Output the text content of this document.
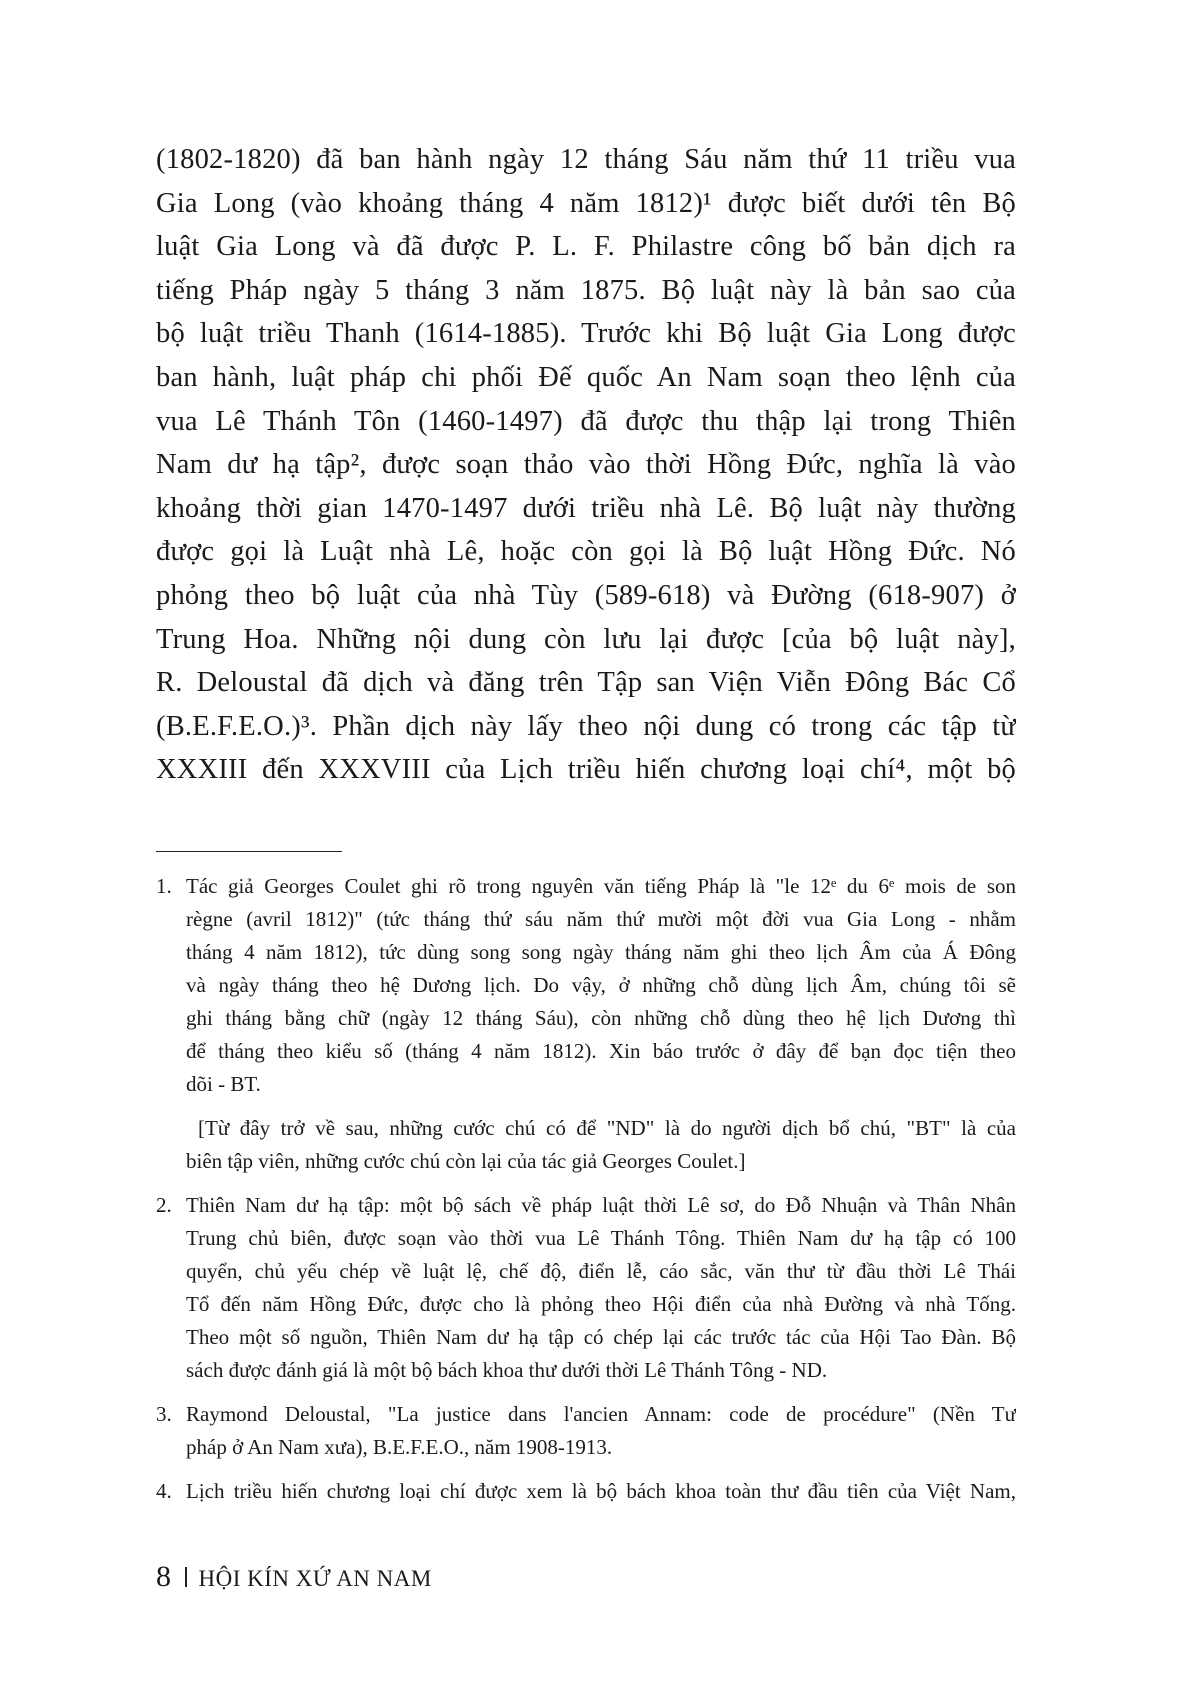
(1802-1820) đã ban hành ngày 12 tháng Sáu năm thứ 11 triều vua
Gia Long (vào khoảng tháng 4 năm 1812)¹ được biết dưới tên Bộ
luật Gia Long và đã được P. L. F. Philastre công bố bản dịch ra
tiếng Pháp ngày 5 tháng 3 năm 1875. Bộ luật này là bản sao của
bộ luật triều Thanh (1614-1885). Trước khi Bộ luật Gia Long được
ban hành, luật pháp chi phối Đế quốc An Nam soạn theo lệnh của
vua Lê Thánh Tôn (1460-1497) đã được thu thập lại trong Thiên
Nam dư hạ tập², được soạn thảo vào thời Hồng Đức, nghĩa là vào
khoảng thời gian 1470-1497 dưới triều nhà Lê. Bộ luật này thường
được gọi là Luật nhà Lê, hoặc còn gọi là Bộ luật Hồng Đức. Nó
phỏng theo bộ luật của nhà Tùy (589-618) và Đường (618-907) ở
Trung Hoa. Những nội dung còn lưu lại được [của bộ luật này],
R. Deloustal đã dịch và đăng trên Tập san Viện Viễn Đông Bác Cổ
(B.E.F.E.O.)³. Phần dịch này lấy theo nội dung có trong các tập từ
XXXIII đến XXXVIII của Lịch triều hiến chương loại chí⁴, một bộ
1. Tác giả Georges Coulet ghi rõ trong nguyên văn tiếng Pháp là "le 12ᵉ du 6ᵉ mois de son
règne (avril 1812)" (tức tháng thứ sáu năm thứ mười một đời vua Gia Long - nhằm
tháng 4 năm 1812), tức dùng song song ngày tháng năm ghi theo lịch Âm của Á Đông
và ngày tháng theo hệ Dương lịch. Do vậy, ở những chỗ dùng lịch Âm, chúng tôi sẽ
ghi tháng bằng chữ (ngày 12 tháng Sáu), còn những chỗ dùng theo hệ lịch Dương thì
để tháng theo kiểu số (tháng 4 năm 1812). Xin báo trước ở đây để bạn đọc tiện theo
dõi - BT.
[Từ đây trở về sau, những cước chú có để "ND" là do người dịch bổ chú, "BT" là của
biên tập viên, những cước chú còn lại của tác giả Georges Coulet.]
2. Thiên Nam dư hạ tập: một bộ sách về pháp luật thời Lê sơ, do Đỗ Nhuận và Thân Nhân
Trung chủ biên, được soạn vào thời vua Lê Thánh Tông. Thiên Nam dư hạ tập có 100
quyển, chủ yếu chép về luật lệ, chế độ, điển lễ, cáo sắc, văn thư từ đầu thời Lê Thái
Tổ đến năm Hồng Đức, được cho là phỏng theo Hội điển của nhà Đường và nhà Tống.
Theo một số nguồn, Thiên Nam dư hạ tập có chép lại các trước tác của Hội Tao Đàn. Bộ
sách được đánh giá là một bộ bách khoa thư dưới thời Lê Thánh Tông - ND.
3. Raymond Deloustal, "La justice dans l'ancien Annam: code de procédure" (Nền Tư
pháp ở An Nam xưa), B.E.F.E.O., năm 1908-1913.
4. Lịch triều hiến chương loại chí được xem là bộ bách khoa toàn thư đầu tiên của Việt Nam,
8 HỘI KÍN XỨ AN NAM
